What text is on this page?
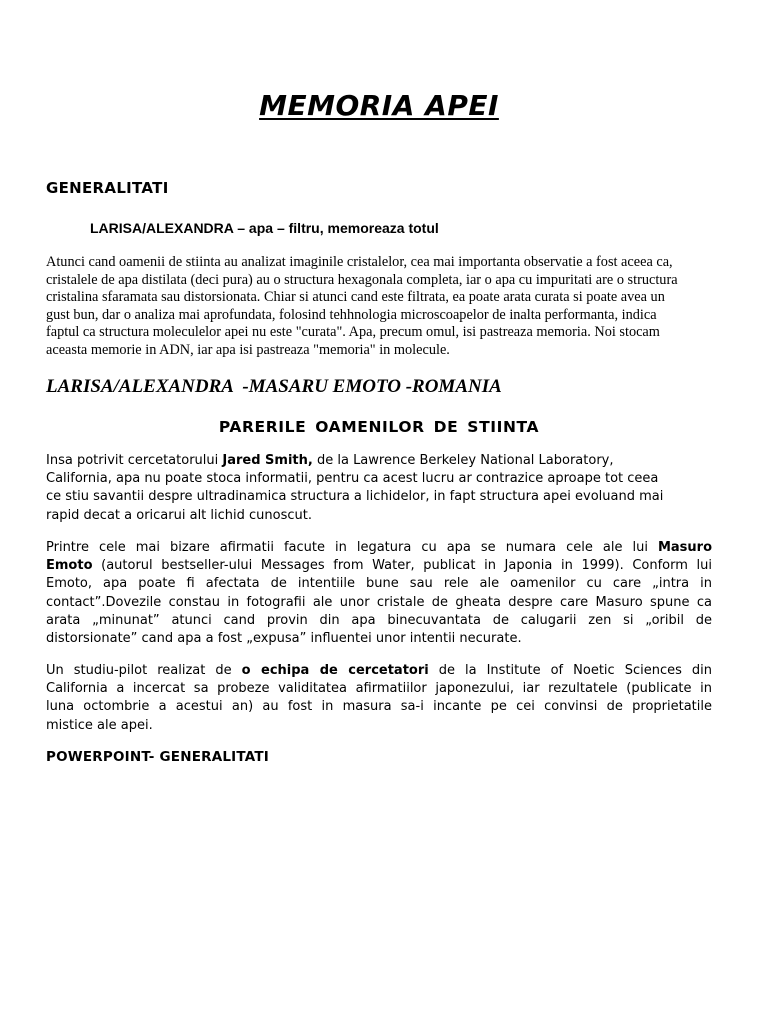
MEMORIA APEI
GENERALITATI
LARISA/ALEXANDRA – apa – filtru, memoreaza totul

Atunci cand oamenii de stiinta au analizat imaginile cristalelor, cea mai importanta observatie a fost aceea ca,
cristalele de apa distilata (deci pura) au o structura hexagonala completa, iar o apa cu impuritati are o structura
cristalina sfaramata sau distorsionata. Chiar si atunci cand este filtrata, ea poate arata curata si poate avea un
gust bun, dar o analiza mai aprofundata, folosind tehhnologia microscoapelor de inalta performanta, indica
faptul ca structura moleculelor apei nu este "curata". Apa, precum omul, isi pastreaza memoria. Noi stocam
aceasta memorie in ADN, iar apa isi pastreaza "memoria" in molecule.

LARISA/ALEXANDRA  -MASARU EMOTO -ROMANIA
PARERILE OAMENILOR DE STIINTA

Insa potrivit cercetatorului Jared Smith, de la Lawrence Berkeley National Laboratory,
California, apa nu poate stoca informatii, pentru ca acest lucru ar contrazice aproape tot ceea
ce stiu savantii despre ultradinamica structura a lichidelor, in fapt structura apei evoluand mai
rapid decat a oricarui alt lichid cunoscut.

Printre cele mai bizare afirmatii facute in legatura cu apa se numara cele ale lui Masuro
Emoto (autorul bestseller-ului Messages from Water, publicat in Japonia in 1999). Conform lui
Emoto, apa poate fi afectata de intentiile bune sau rele ale oamenilor cu care „intra in
contact”.Dovezile constau in fotografii ale unor cristale de gheata despre care Masuro spune ca
arata „minunat” atunci cand provin din apa binecuvantata de calugarii zen si „oribil de
distorsionate” cand apa a fost „expusa” influentei unor intentii necurate.

Un studiu-pilot realizat de o echipa de cercetatori de la Institute of Noetic Sciences din
California a incercat sa probeze validitatea afirmatiilor japonezului, iar rezultatele (publicate in
luna octombrie a acestui an) au fost in masura sa-i incante pe cei convinsi de proprietatile
mistice ale apei.

POWERPOINT- GENERALITATI
